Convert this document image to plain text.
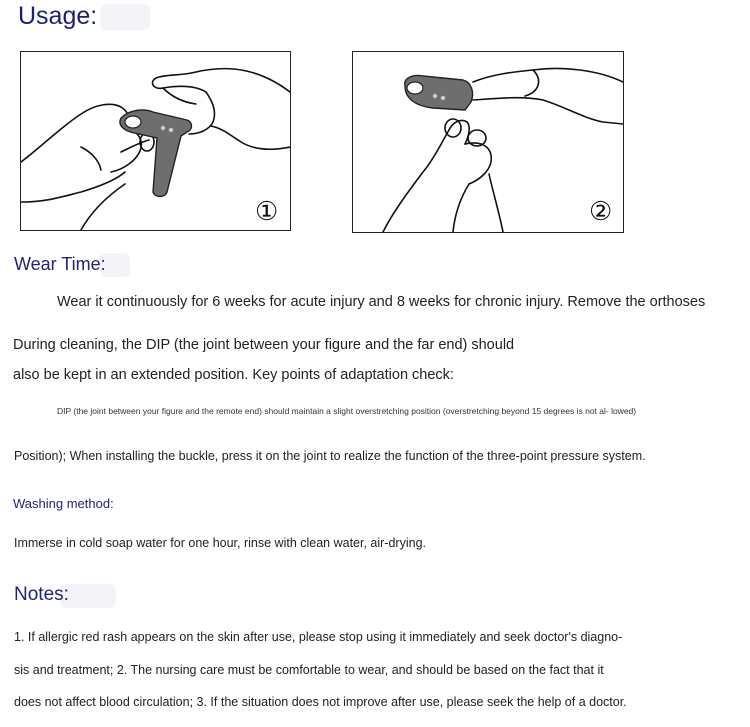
Usage:
①	②
Wear Time:
Wear it continuously for 6 weeks for acute injury and 8 weeks for chronic injury. Remove the orthoses
During cleaning, the DIP (the joint between your figure and the far end) should
also be kept in an extended position. Key points of adaptation check:
DIP (the joint between your figure and the remote end) should maintain a slight overstretching position (overstretching beyond 15 degrees is not al- lowed)
Position); When installing the buckle, press it on the joint to realize the function of the three-point pressure system.
Washing method:
Immerse in cold soap water for one hour, rinse with clean water, air-drying.
Notes:
1. If allergic red rash appears on the skin after use, please stop using it immediately and seek doctor's diagno-
sis and treatment; 2. The nursing care must be comfortable to wear, and should be based on the fact that it
does not affect blood circulation; 3. If the situation does not improve after use, please seek the help of a doctor.
